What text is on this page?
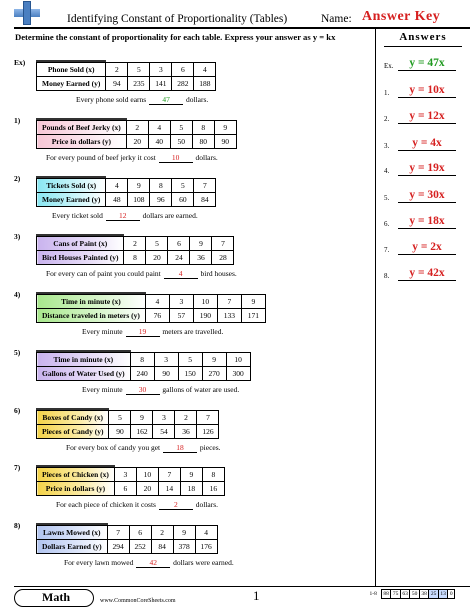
Identifying Constant of Proportionality (Tables)	Name: Answer Key
Determine the constant of proportionality for each table. Express your answer as y = kx	Answers
Ex.	y = 47x
1.	y = 10x
2.	y = 12x
3.	y = 4x
4.	y = 19x
5.	y = 30x
6.	y = 18x
7.	y = 2x
8.	y = 42x
Ex)
Phone Sold (x)	2	5	3	6	4
Money Earned (y)	94	235	141	282	188
Every phone sold earns 47 dollars.
1)
Pounds of Beef Jerky (x)	2	4	5	8	9
Price in dollars (y)	20	40	50	80	90
For every pound of beef jerky it cost 10 dollars.
2)
Tickets Sold (x)	4	9	8	5	7
Money Earned (y)	48	108	96	60	84
Every ticket sold 12 dollars are earned.
3)
Cans of Paint (x)	2	5	6	9	7
Bird Houses Painted (y)	8	20	24	36	28
For every can of paint you could paint 4 bird houses.
4)
Time in minute (x)	4	3	10	7	9
Distance traveled in meters (y)	76	57	190	133	171
Every minute 19 meters are travelled.
5)
Time in minute (x)	8	3	5	9	10
Gallons of Water Used (y)	240	90	150	270	300
Every minute 30 gallons of water are used.
6)
Boxes of Candy (x)	5	9	3	2	7
Pieces of Candy (y)	90	162	54	36	126
For every box of candy you get 18 pieces.
7)
Pieces of Chicken (x)	3	10	7	9	8
Price in dollars (y)	6	20	14	18	16
For each piece of chicken it costs 2 dollars.
8)
Lawns Mowed (x)	7	6	2	9	4
Dollars Earned (y)	294	252	84	378	176
For every lawn mowed 42 dollars were earned.
Math	www.CommonCoreSheets.com	1	1-8	88	75	63	50	38	25	13	0
